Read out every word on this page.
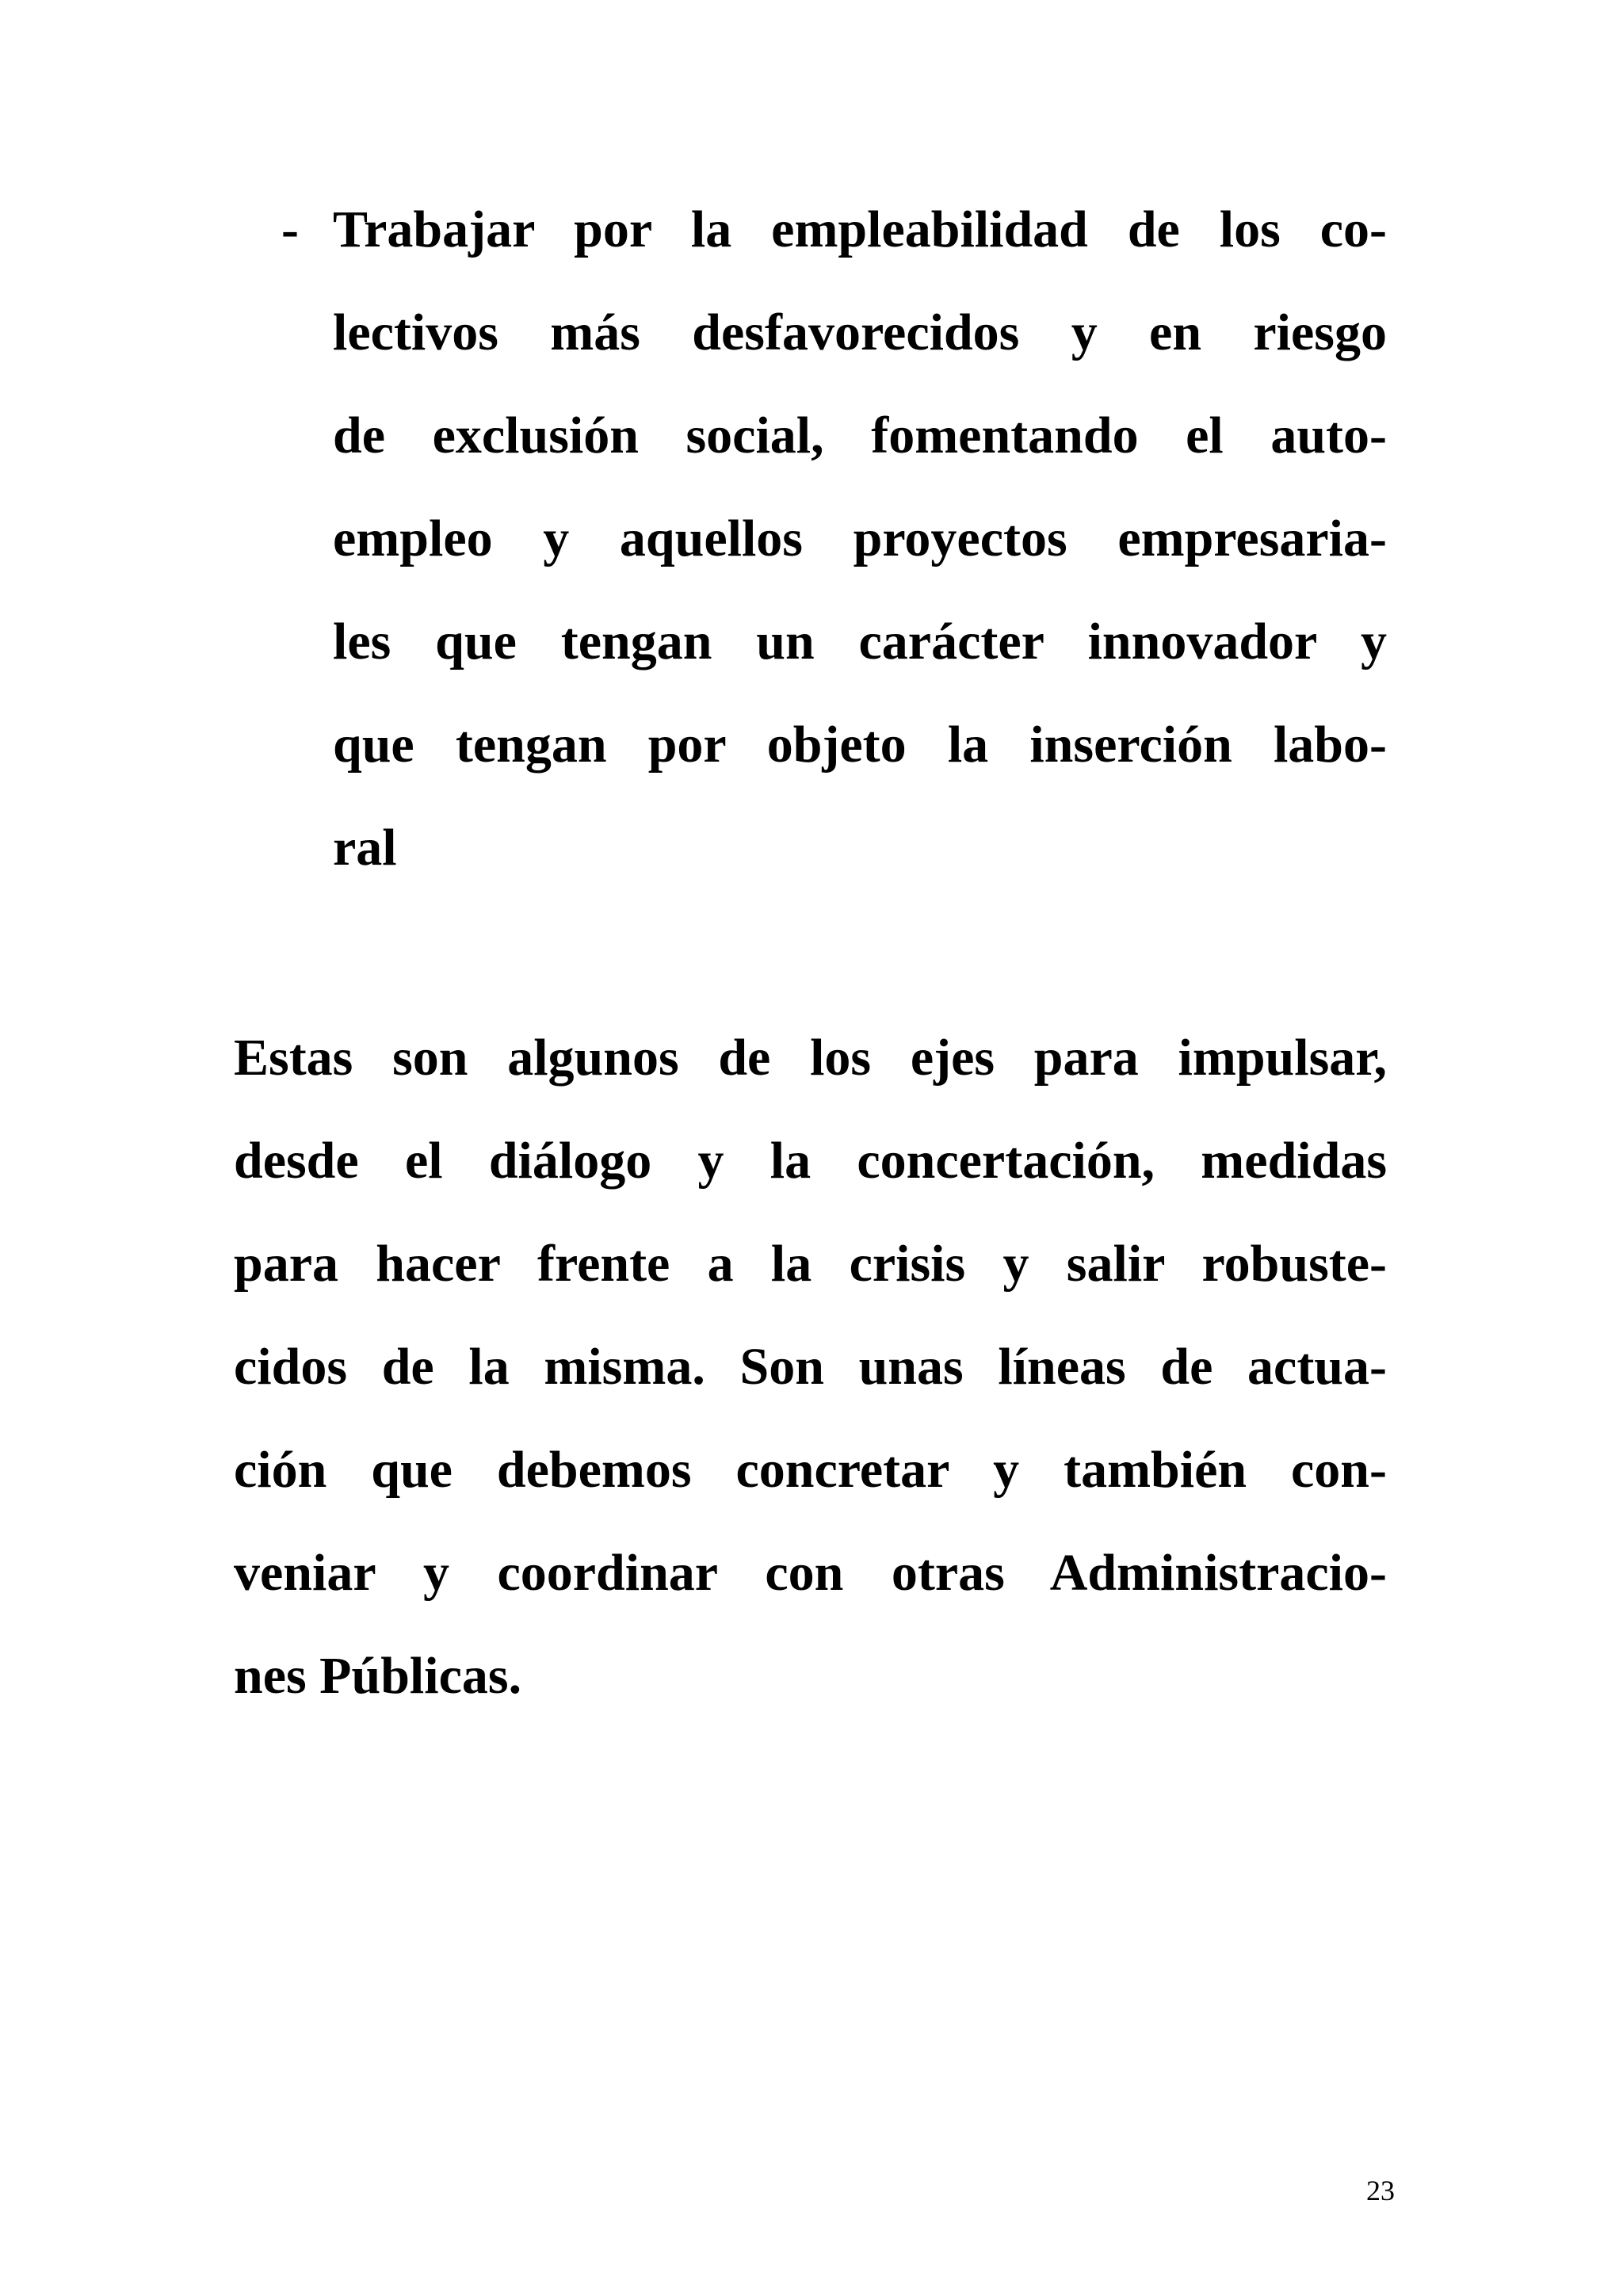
- Trabajar por la empleabilidad de los co-
lectivos más desfavorecidos y en riesgo
de exclusión social, fomentando el auto-
empleo y aquellos proyectos empresaria-
les que tengan un carácter innovador y
que tengan por objeto la inserción labo-
ral
Estas son algunos de los ejes para impulsar,
desde el diálogo y la concertación, medidas
para hacer frente a la crisis y salir robuste-
cidos de la misma. Son unas líneas de actua-
ción que debemos concretar y también con-
veniar y coordinar con otras Administracio-
nes Públicas.
23
